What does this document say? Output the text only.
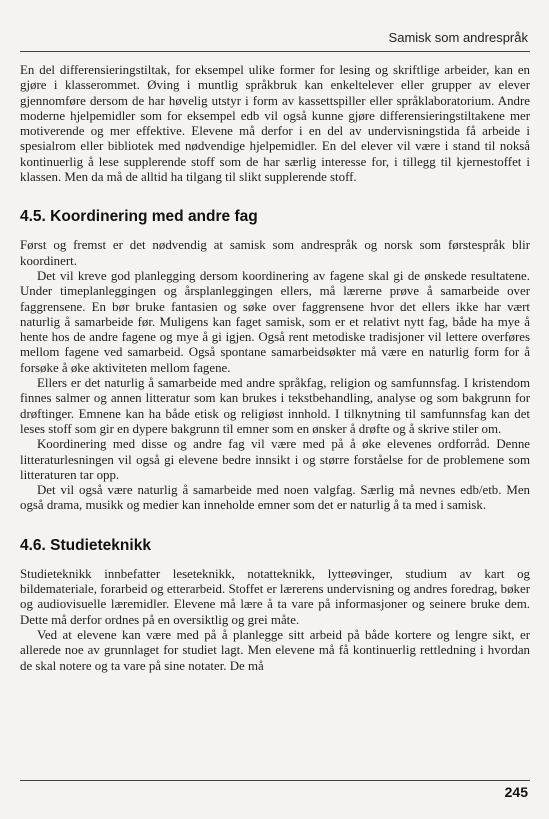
Samisk som andrespråk

En del differensieringstiltak, for eksempel ulike former for lesing og skriftlige arbeider, kan en gjøre i klasserommet. Øving i muntlig språkbruk kan enkeltelever eller grupper av elever gjennomføre dersom de har høvelig utstyr i form av kassettspiller eller språklaboratorium. Andre moderne hjelpemidler som for eksempel edb vil også kunne gjøre differensieringstiltakene mer motiverende og mer effektive. Elevene må derfor i en del av undervisningstida få arbeide i spesialrom eller bibliotek med nødvendige hjelpemidler. En del elever vil være i stand til nokså kontinuerlig å lese supplerende stoff som de har særlig interesse for, i tillegg til kjernestoffet i klassen. Men da må de alltid ha tilgang til slikt supplerende stoff.

4.5. Koordinering med andre fag

Først og fremst er det nødvendig at samisk som andrespråk og norsk som førstespråk blir koordinert.

Det vil kreve god planlegging dersom koordinering av fagene skal gi de ønskede resultatene. Under timeplanleggingen og årsplanleggingen ellers, må lærerne prøve å samarbeide over faggrensene. En bør bruke fantasien og søke over faggrensene hvor det ellers ikke har vært naturlig å samarbeide før. Muligens kan faget samisk, som er et relativt nytt fag, både ha mye å hente hos de andre fagene og mye å gi igjen. Også rent metodiske tradisjoner vil lettere overføres mellom fagene ved samarbeid. Også spontane samarbeidsøkter må være en naturlig form for å forsøke å øke aktiviteten mellom fagene.

Ellers er det naturlig å samarbeide med andre språkfag, religion og samfunnsfag. I kristendom finnes salmer og annen litteratur som kan brukes i tekstbehandling, analyse og som bakgrunn for drøftinger. Emnene kan ha både etisk og religiøst innhold. I tilknytning til samfunnsfag kan det leses stoff som gir en dypere bakgrunn til emner som en ønsker å drøfte og å skrive stiler om.

Koordinering med disse og andre fag vil være med på å øke elevenes ordforråd. Denne litteraturlesningen vil også gi elevene bedre innsikt i og større forståelse for de problemene som litteraturen tar opp.

Det vil også være naturlig å samarbeide med noen valgfag. Særlig må nevnes edb/etb. Men også drama, musikk og medier kan inneholde emner som det er naturlig å ta med i samisk.

4.6. Studieteknikk

Studieteknikk innbefatter leseteknikk, notatteknikk, lytteøvinger, studium av kart og bildemateriale, forarbeid og etterarbeid. Stoffet er lærerens undervisning og andres foredrag, bøker og audiovisuelle læremidler. Elevene må lære å ta vare på informasjoner og seinere bruke dem. Dette må derfor ordnes på en oversiktlig og grei måte.

Ved at elevene kan være med på å planlegge sitt arbeid på både kortere og lengre sikt, er allerede noe av grunnlaget for studiet lagt. Men elevene må få kontinuerlig rettledning i hvordan de skal notere og ta vare på sine notater. De må

245
